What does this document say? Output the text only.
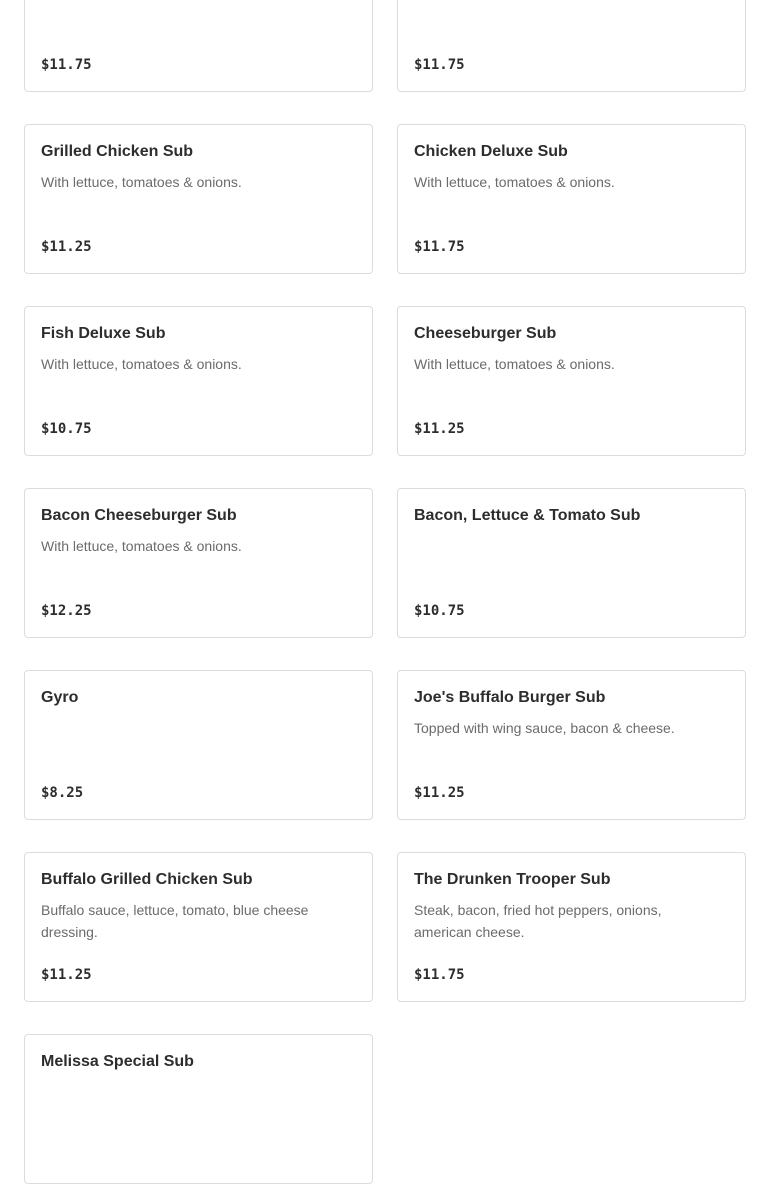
$11.75	$11.75
Grilled Chicken Sub
With lettuce, tomatoes & onions.
$11.25
Chicken Deluxe Sub
With lettuce, tomatoes & onions.
$11.75
Fish Deluxe Sub
With lettuce, tomatoes & onions.
$10.75
Cheeseburger Sub
With lettuce, tomatoes & onions.
$11.25
Bacon Cheeseburger Sub
With lettuce, tomatoes & onions.
$12.25
Bacon, Lettuce & Tomato Sub
$10.75
Gyro
$8.25
Joe's Buffalo Burger Sub
Topped with wing sauce, bacon & cheese.
$11.25
Buffalo Grilled Chicken Sub
Buffalo sauce, lettuce, tomato, blue cheese dressing.
$11.25
The Drunken Trooper Sub
Steak, bacon, fried hot peppers, onions, american cheese.
$11.75
Melissa Special Sub
